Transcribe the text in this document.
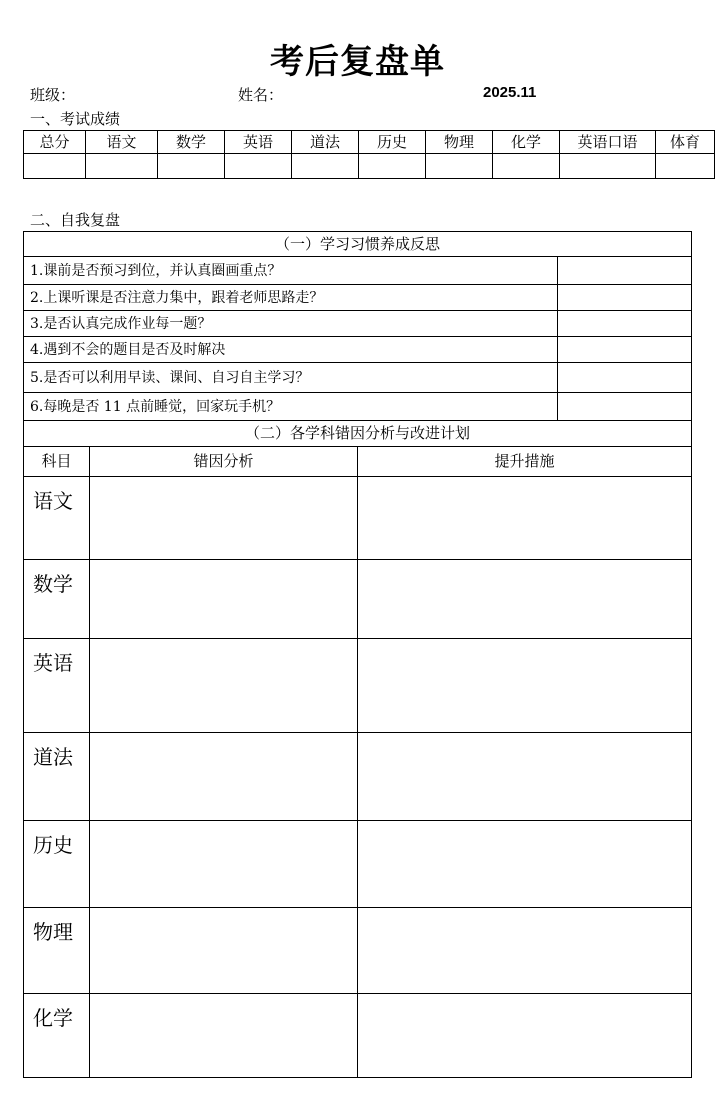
考后复盘单
班级：	姓名：	2025.11
一、考试成绩
总分	语文	数学	英语	道法	历史	物理	化学	英语口语	体育

二、自我复盘
（一）学习习惯养成反思			
1.课前是否预习到位，并认真圈画重点？			
2.上课听课是否注意力集中，跟着老师思路走？			
3.是否认真完成作业每一题？			
4.遇到不会的题目是否及时解决			
5.是否可以利用早读、课间、自习自主学习？			
6.每晚是否 11 点前睡觉，回家玩手机？			
（二）各学科错因分析与改进计划			
科目	错因分析	提升措施	
语文			
数学			
英语			
道法			
历史			
物理			
化学			
